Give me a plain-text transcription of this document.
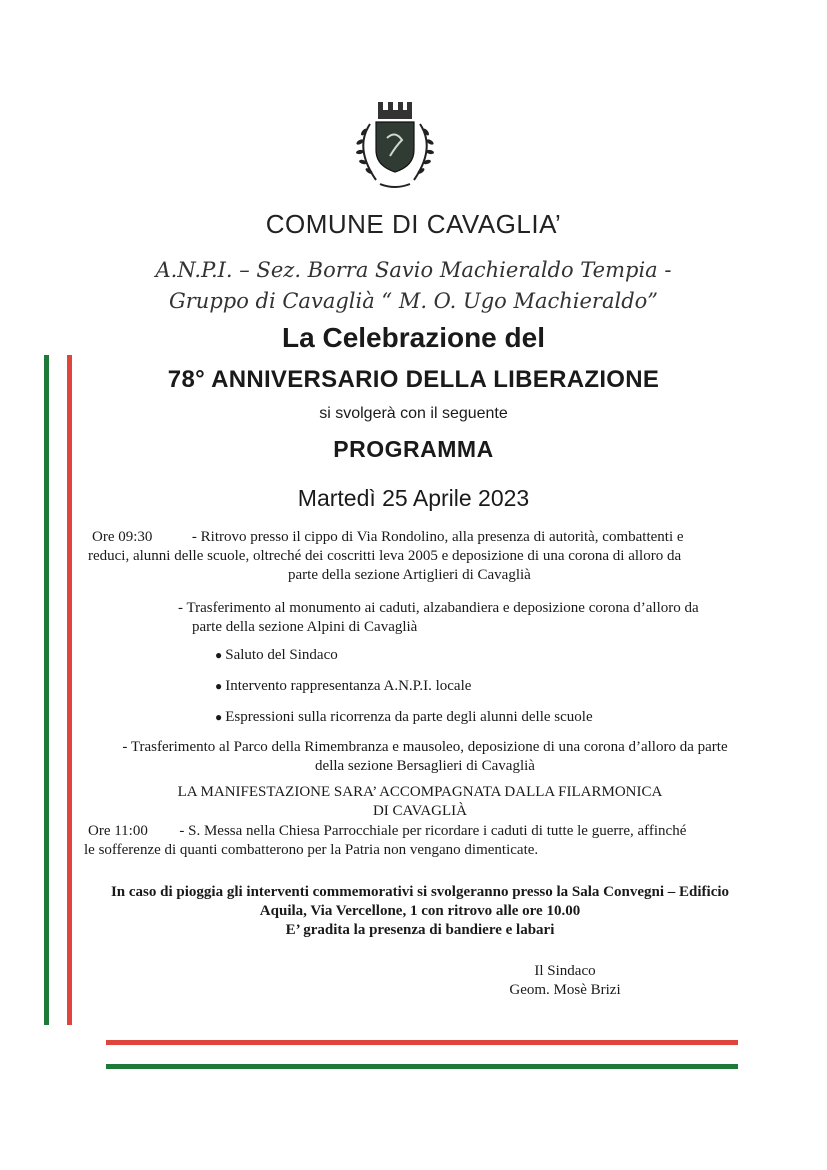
COMUNE DI CAVAGLIA’
A.N.P.I. – Sez. Borra Savio Machieraldo Tempia -
Gruppo di Cavaglià “ M. O. Ugo Machieraldo”
La Celebrazione del
78° ANNIVERSARIO DELLA LIBERAZIONE
si svolgerà con il seguente
PROGRAMMA
Martedì 25 Aprile 2023
Ore 09:30	- Ritrovo presso il cippo di Via Rondolino, alla presenza di autorità, combattenti e
reduci, alunni delle scuole, oltreché dei coscritti leva 2005 e deposizione di una corona di alloro da
parte della sezione Artiglieri di Cavaglià
- Trasferimento al monumento ai caduti, alzabandiera e deposizione corona d’alloro da
parte della sezione Alpini di Cavaglià
● Saluto del Sindaco
● Intervento rappresentanza A.N.P.I. locale
● Espressioni sulla ricorrenza da parte degli alunni delle scuole
- Trasferimento al Parco della Rimembranza e mausoleo, deposizione di una corona d’alloro da parte
della sezione Bersaglieri di Cavaglià
LA MANIFESTAZIONE SARA’ ACCOMPAGNATA DALLA FILARMONICA
DI CAVAGLIÀ
Ore 11:00 - S. Messa nella Chiesa Parrocchiale per ricordare i caduti di tutte le guerre, affinché
le sofferenze di quanti combatterono per la Patria non vengano dimenticate.
In caso di pioggia gli interventi commemorativi si svolgeranno presso la Sala Convegni – Edificio
Aquila, Via Vercellone, 1 con ritrovo alle ore 10.00
E’ gradita la presenza di bandiere e labari
Il Sindaco
Geom. Mosè Brizi
